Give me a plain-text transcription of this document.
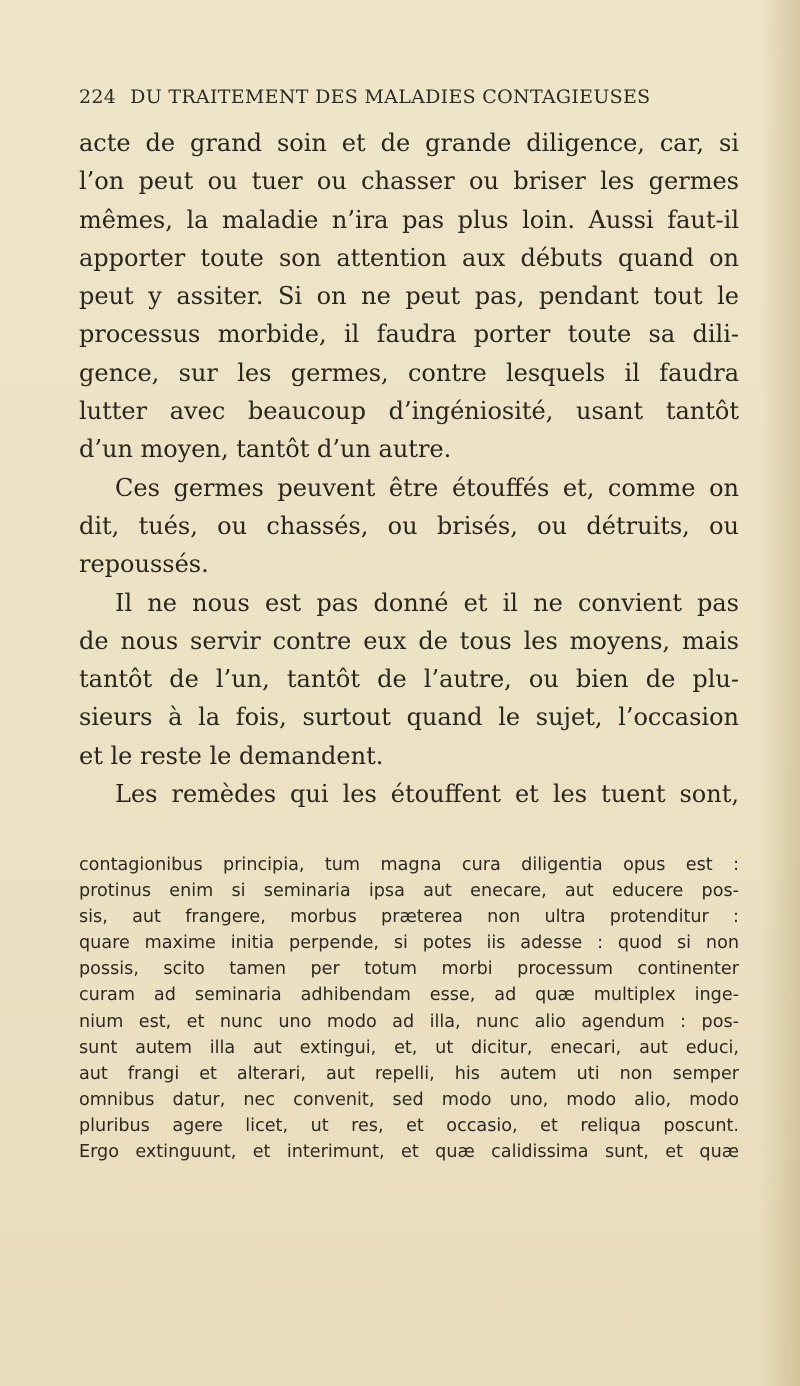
224 DU TRAITEMENT DES MALADIES CONTAGIEUSES
acte de grand soin et de grande diligence, car, si
l’on peut ou tuer ou chasser ou briser les germes
mêmes, la maladie n’ira pas plus loin. Aussi faut-il
apporter toute son attention aux débuts quand on
peut y assiter. Si on ne peut pas, pendant tout le
processus morbide, il faudra porter toute sa dili-
gence, sur les germes, contre lesquels il faudra
lutter avec beaucoup d’ingéniosité, usant tantôt
d’un moyen, tantôt d’un autre.
Ces germes peuvent être étouffés et, comme on
dit, tués, ou chassés, ou brisés, ou détruits, ou
repoussés.
Il ne nous est pas donné et il ne convient pas
de nous servir contre eux de tous les moyens, mais
tantôt de l’un, tantôt de l’autre, ou bien de plu-
sieurs à la fois, surtout quand le sujet, l’occasion
et le reste le demandent.
Les remèdes qui les étouffent et les tuent sont,
contagionibus principia, tum magna cura diligentia opus est :
protinus enim si seminaria ipsa aut enecare, aut educere pos-
sis, aut frangere, morbus præterea non ultra protenditur :
quare maxime initia perpende, si potes iis adesse : quod si non
possis, scito tamen per totum morbi processum continenter
curam ad seminaria adhibendam esse, ad quæ multiplex inge-
nium est, et nunc uno modo ad illa, nunc alio agendum : pos-
sunt autem illa aut extingui, et, ut dicitur, enecari, aut educi,
aut frangi et alterari, aut repelli, his autem uti non semper
omnibus datur, nec convenit, sed modo uno, modo alio, modo
pluribus agere licet, ut res, et occasio, et reliqua poscunt.
Ergo extinguunt, et interimunt, et quæ calidissima sunt, et quæ
